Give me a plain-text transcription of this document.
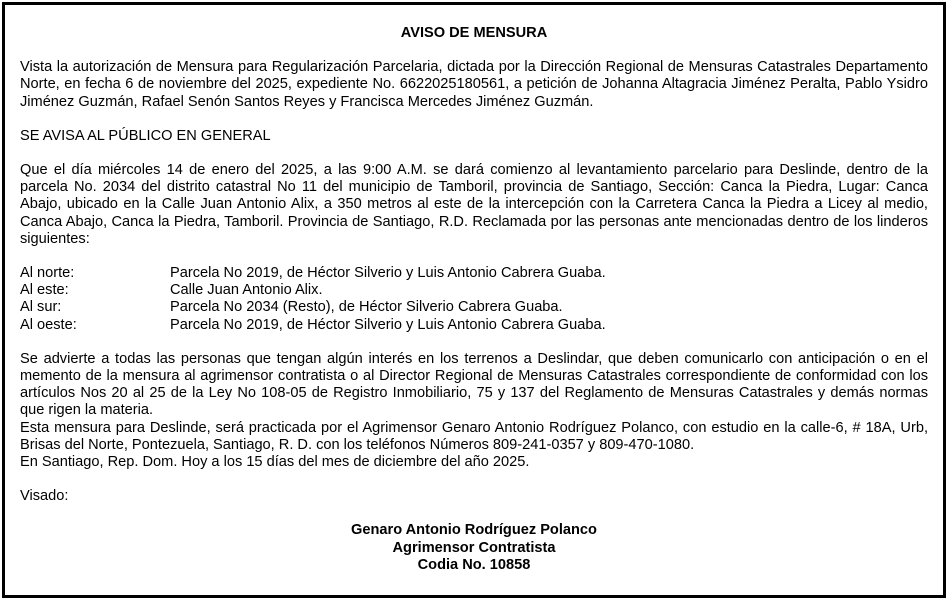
AVISO DE MENSURA

Vista la autorización de Mensura para Regularización Parcelaria, dictada por la Dirección Regional de Mensuras Catastrales Departamento Norte, en fecha 6 de noviembre del 2025, expediente No. 6622025180561, a petición de Johanna Altagracia Jiménez Peralta, Pablo Ysidro Jiménez Guzmán, Rafael Senón Santos Reyes y Francisca Mercedes Jiménez Guzmán.

SE AVISA AL PÚBLICO EN GENERAL

Que el día miércoles 14 de enero del 2025, a las 9:00 A.M. se dará comienzo al levantamiento parcelario para Deslinde, dentro de la parcela No. 2034 del distrito catastral No 11 del municipio de Tamboril, provincia de Santiago, Sección: Canca la Piedra, Lugar: Canca Abajo, ubicado en la Calle Juan Antonio Alix, a 350 metros al este de la intercepción con la Carretera Canca la Piedra a Licey al medio, Canca Abajo, Canca la Piedra, Tamboril. Provincia de Santiago, R.D. Reclamada por las personas ante mencionadas dentro de los linderos siguientes:

Al norte:	Parcela No 2019, de Héctor Silverio y Luis Antonio Cabrera Guaba.
Al este:	Calle Juan Antonio Alix.
Al sur:	Parcela No 2034 (Resto), de Héctor Silverio Cabrera Guaba.
Al oeste:	Parcela No 2019, de Héctor Silverio y Luis Antonio Cabrera Guaba.

Se advierte a todas las personas que tengan algún interés en los terrenos a Deslindar, que deben comunicarlo con anticipación o en el memento de la mensura al agrimensor contratista o al Director Regional de Mensuras Catastrales correspondiente de conformidad con los artículos Nos 20 al 25 de la Ley No 108-05 de Registro Inmobiliario, 75 y 137 del Reglamento de Mensuras Catastrales y demás normas que rigen la materia.

Esta mensura para Deslinde, será practicada por el Agrimensor Genaro Antonio Rodríguez Polanco, con estudio en la calle-6, # 18A, Urb, Brisas del Norte, Pontezuela, Santiago, R. D. con los teléfonos Números 809-241-0357 y 809-470-1080.

En Santiago, Rep. Dom. Hoy a los 15 días del mes de diciembre del año 2025.

Visado:

Genaro Antonio Rodríguez Polanco
Agrimensor Contratista
Codia No. 10858
